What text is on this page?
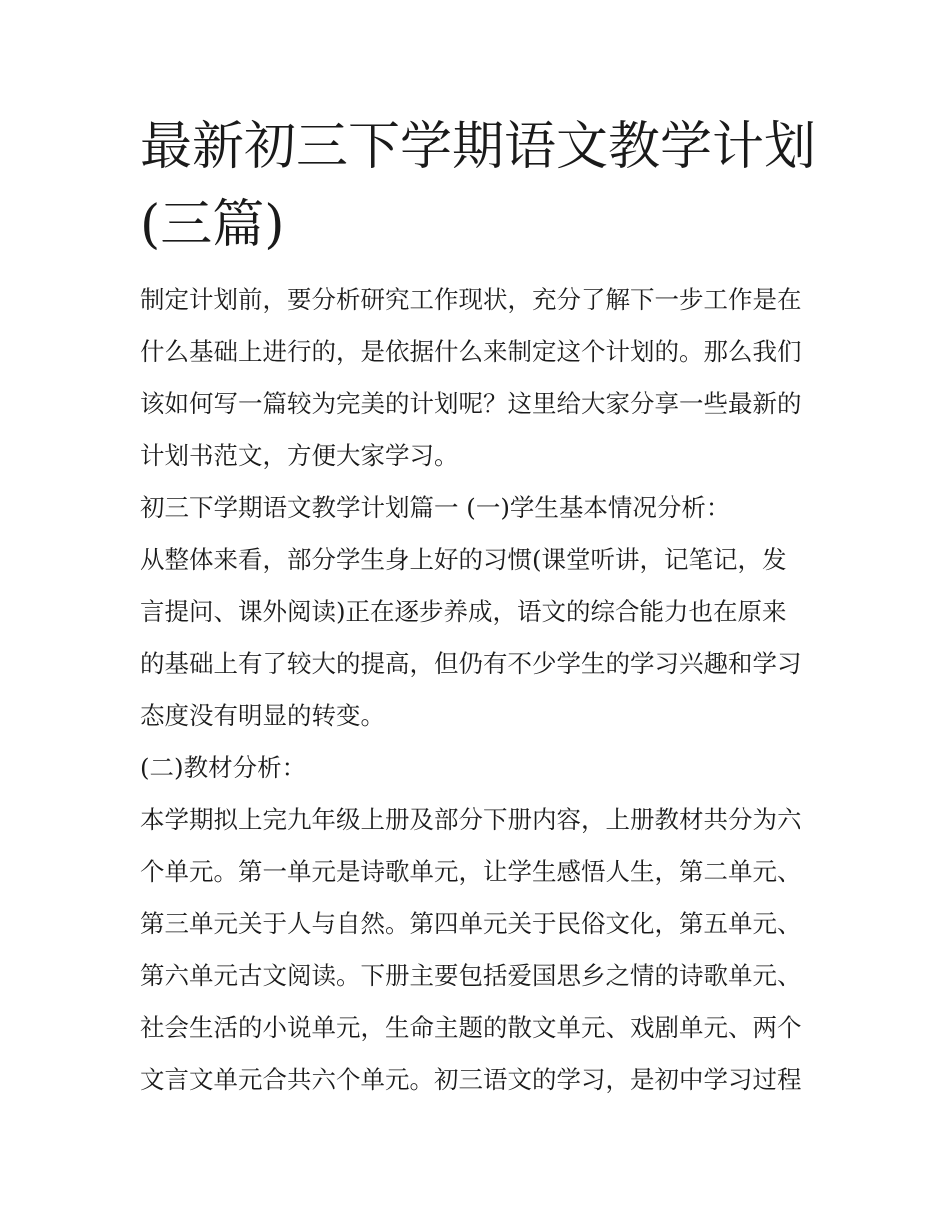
最新初三下学期语文教学计划
(三篇)

制定计划前，要分析研究工作现状，充分了解下一步工作是在
什么基础上进行的，是依据什么来制定这个计划的。那么我们
该如何写一篇较为完美的计划呢？这里给大家分享一些最新的
计划书范文，方便大家学习。

初三下学期语文教学计划篇一 (一)学生基本情况分析：

从整体来看，部分学生身上好的习惯(课堂听讲，记笔记，发
言提问、课外阅读)正在逐步养成，语文的综合能力也在原来
的基础上有了较大的提高，但仍有不少学生的学习兴趣和学习
态度没有明显的转变。

(二)教材分析：

本学期拟上完九年级上册及部分下册内容，上册教材共分为六
个单元。第一单元是诗歌单元，让学生感悟人生，第二单元、
第三单元关于人与自然。第四单元关于民俗文化，第五单元、
第六单元古文阅读。下册主要包括爱国思乡之情的诗歌单元、
社会生活的小说单元，生命主题的散文单元、戏剧单元、两个
文言文单元合共六个单元。初三语文的学习，是初中学习过程
